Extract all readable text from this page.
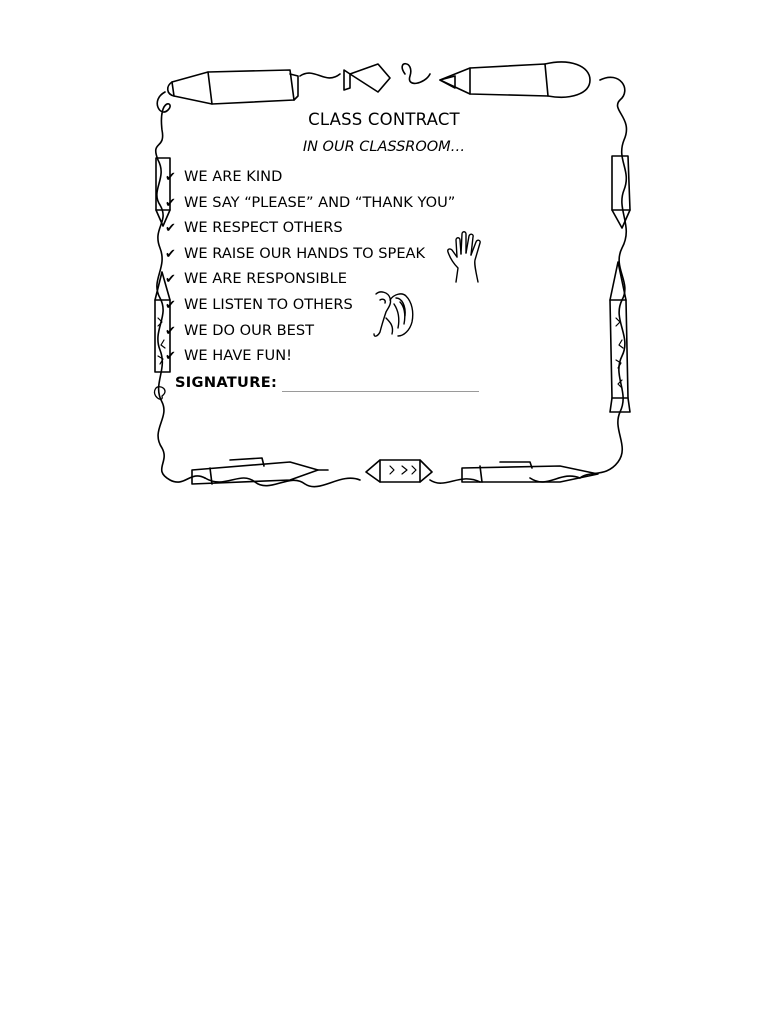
CLASS CONTRACT
IN OUR CLASSROOM…
✔ WE ARE KIND
✔ WE SAY “PLEASE” AND “THANK YOU”
✔ WE RESPECT OTHERS
✔ WE RAISE OUR HANDS TO SPEAK
✔ WE ARE RESPONSIBLE
✔ WE LISTEN TO OTHERS
✔ WE DO OUR BEST
✔ WE HAVE FUN!
SIGNATURE:
